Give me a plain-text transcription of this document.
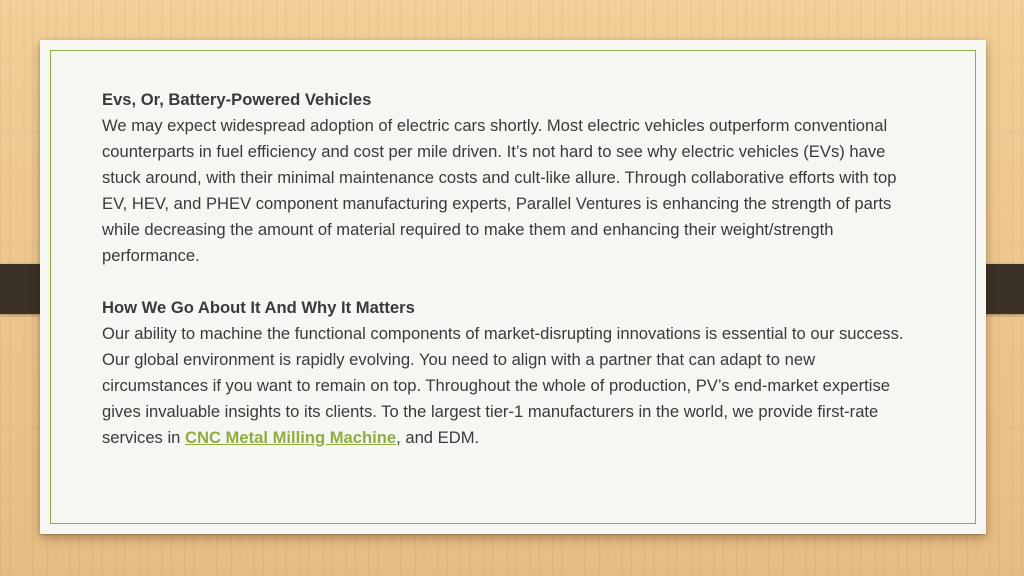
Evs, Or, Battery-Powered Vehicles

We may expect widespread adoption of electric cars shortly. Most electric vehicles outperform conventional counterparts in fuel efficiency and cost per mile driven. It’s not hard to see why electric vehicles (EVs) have stuck around, with their minimal maintenance costs and cult-like allure. Through collaborative efforts with top EV, HEV, and PHEV component manufacturing experts, Parallel Ventures is enhancing the strength of parts while decreasing the amount of material required to make them and enhancing their weight/strength performance.

How We Go About It And Why It Matters

Our ability to machine the functional components of market-disrupting innovations is essential to our success. Our global environment is rapidly evolving. You need to align with a partner that can adapt to new circumstances if you want to remain on top. Throughout the whole of production, PV’s end-market expertise gives invaluable insights to its clients. To the largest tier-1 manufacturers in the world, we provide first-rate services in CNC Metal Milling Machine, and EDM.
